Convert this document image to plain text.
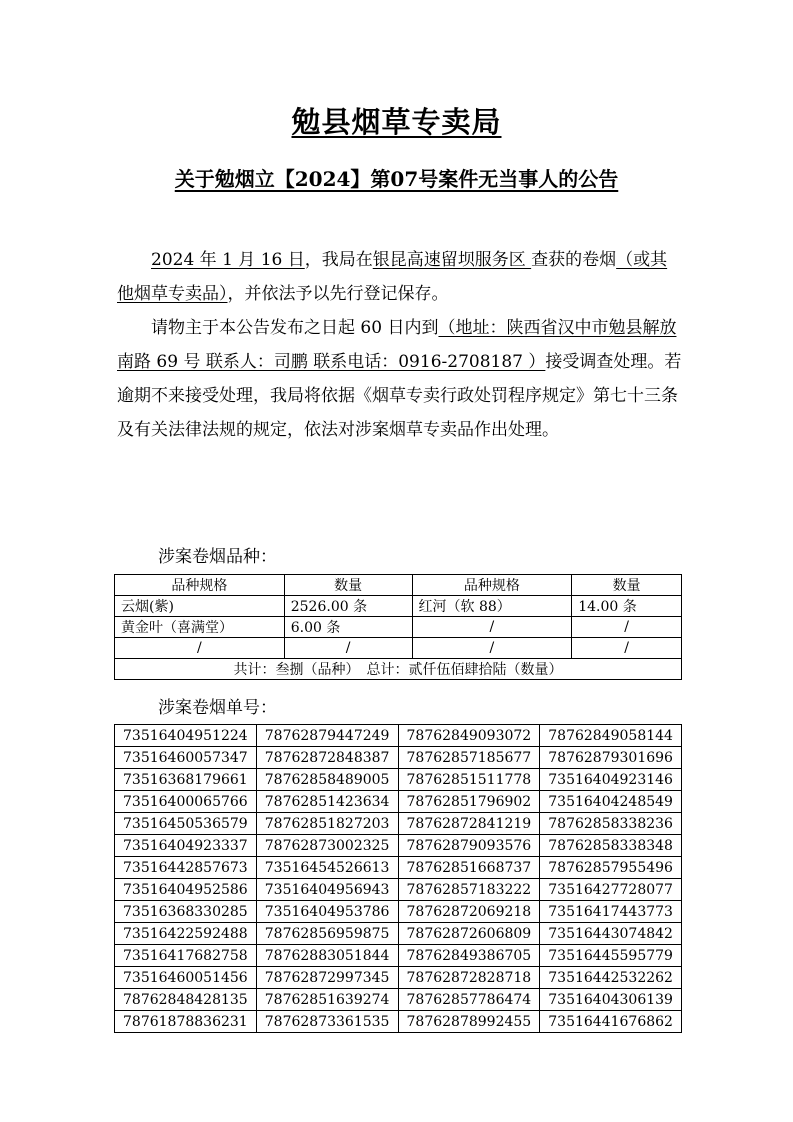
勉县烟草专卖局
关于勉烟立【2024】第07号案件无当事人的公告

2024 年 1 月 16 日，我局在银昆高速留坝服务区 查获的卷烟（或其他烟草专卖品），并依法予以先行登记保存。

请物主于本公告发布之日起 60 日内到（地址：陕西省汉中市勉县解放南路 69 号 联系人：司鹏 联系电话：0916-2708187 ）接受调查处理。若逾期不来接受处理，我局将依据《烟草专卖行政处罚程序规定》第七十三条及有关法律法规的规定，依法对涉案烟草专卖品作出处理。

涉案卷烟品种：
品种规格	数量	品种规格	数量
云烟(紫)	2526.00 条	红河（软 88）	14.00 条
黄金叶（喜满堂）	6.00 条	/	/
/	/	/	/
共计：叁捌（品种）　总计：贰仟伍佰肆拾陆（数量）			
涉案卷烟单号：
73516404951224	78762879447249	78762849093072	78762849058144
73516460057347	78762872848387	78762857185677	78762879301696
73516368179661	78762858489005	78762851511778	73516404923146
73516400065766	78762851423634	78762851796902	73516404248549
73516450536579	78762851827203	78762872841219	78762858338236
73516404923337	78762873002325	78762879093576	78762858338348
73516442857673	73516454526613	78762851668737	78762857955496
73516404952586	73516404956943	78762857183222	73516427728077
73516368330285	73516404953786	78762872069218	73516417443773
73516422592488	78762856959875	78762872606809	73516443074842
73516417682758	78762883051844	78762849386705	73516445595779
73516460051456	78762872997345	78762872828718	73516442532262
78762848428135	78762851639274	78762857786474	73516404306139
78761878836231	78762873361535	78762878992455	73516441676862
